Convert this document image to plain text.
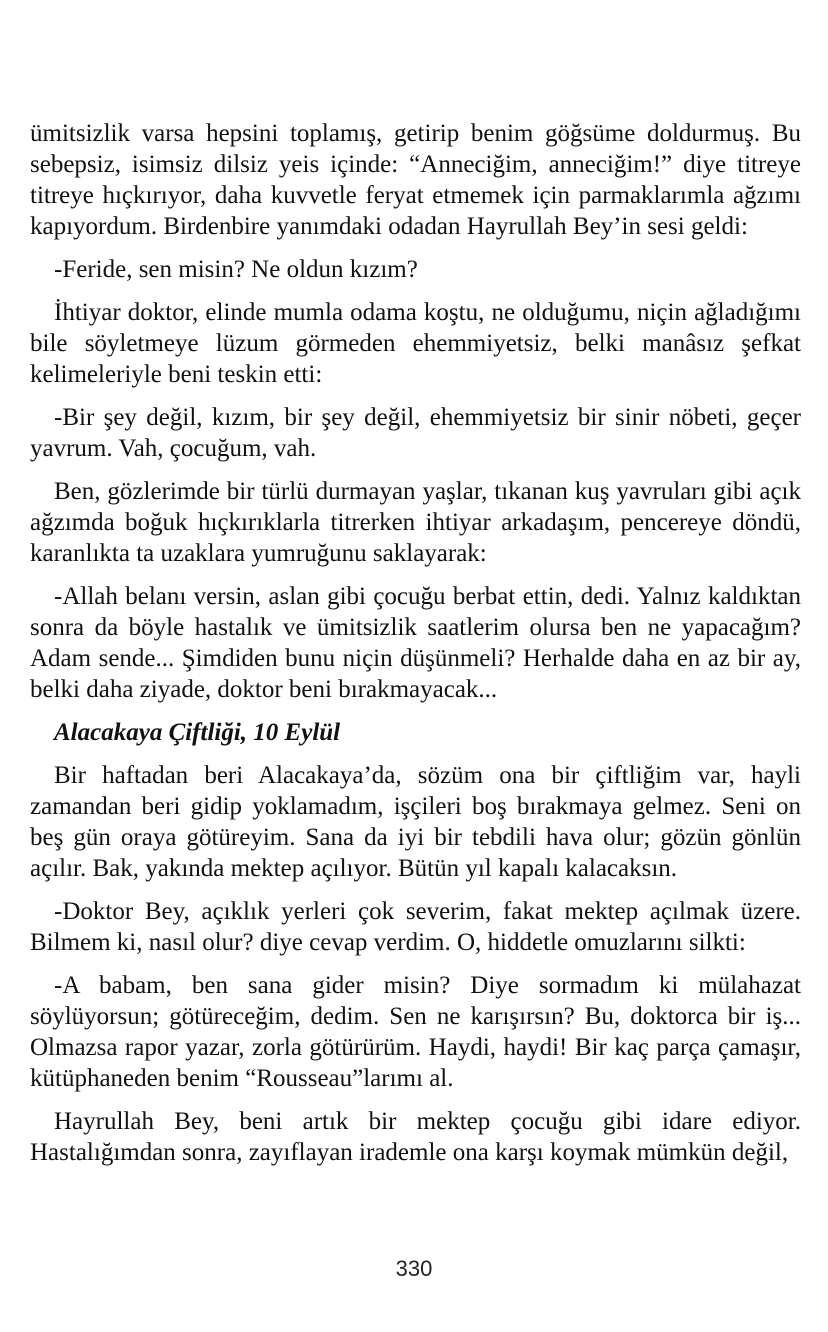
ümitsizlik varsa hepsini toplamış, getirip benim göğsüme doldurmuş. Bu sebepsiz, isimsiz dilsiz yeis içinde: “Anneciğim, anneciğim!” diye titreye titreye hıçkırıyor, daha kuvvetle feryat etmemek için parmaklarımla ağzımı kapıyordum. Birdenbire yanımdaki odadan Hayrullah Bey’in sesi geldi:

-Feride, sen misin? Ne oldun kızım?

İhtiyar doktor, elinde mumla odama koştu, ne olduğumu, niçin ağladığımı bile söyletmeye lüzum görmeden ehemmiyetsiz, belki manâsız şefkat kelimeleriyle beni teskin etti:

-Bir şey değil, kızım, bir şey değil, ehemmiyetsiz bir sinir nöbeti, geçer yavrum. Vah, çocuğum, vah.

Ben, gözlerimde bir türlü durmayan yaşlar, tıkanan kuş yavruları gibi açık ağzımda boğuk hıçkırıklarla titrerken ihtiyar arkadaşım, pencereye döndü, karanlıkta ta uzaklara yumruğunu saklayarak:

-Allah belanı versin, aslan gibi çocuğu berbat ettin, dedi. Yalnız kaldıktan sonra da böyle hastalık ve ümitsizlik saatlerim olursa ben ne yapacağım? Adam sende... Şimdiden bunu niçin düşünmeli? Herhalde daha en az bir ay, belki daha ziyade, doktor beni bırakmayacak...

Alacakaya Çiftliği, 10 Eylül

Bir haftadan beri Alacakaya’da, sözüm ona bir çiftliğim var, hayli zamandan beri gidip yoklamadım, işçileri boş bırakmaya gelmez. Seni on beş gün oraya götüreyim. Sana da iyi bir tebdili hava olur; gözün gönlün açılır. Bak, yakında mektep açılıyor. Bütün yıl kapalı kalacaksın.

-Doktor Bey, açıklık yerleri çok severim, fakat mektep açılmak üzere. Bilmem ki, nasıl olur? diye cevap verdim. O, hiddetle omuzlarını silkti:

-A babam, ben sana gider misin? Diye sormadım ki mülahazat söylüyorsun; götüreceğim, dedim. Sen ne karışırsın? Bu, doktorca bir iş... Olmazsa rapor yazar, zorla götürürüm. Haydi, haydi! Bir kaç parça çamaşır, kütüphaneden benim “Rousseau”larımı al.

Hayrullah Bey, beni artık bir mektep çocuğu gibi idare ediyor. Hastalığımdan sonra, zayıflayan irademle ona karşı koymak mümkün değil,

330
